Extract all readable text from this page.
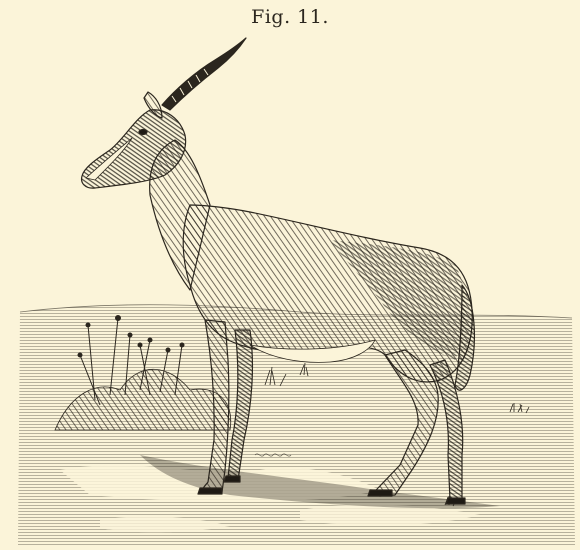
Fig. 11.
